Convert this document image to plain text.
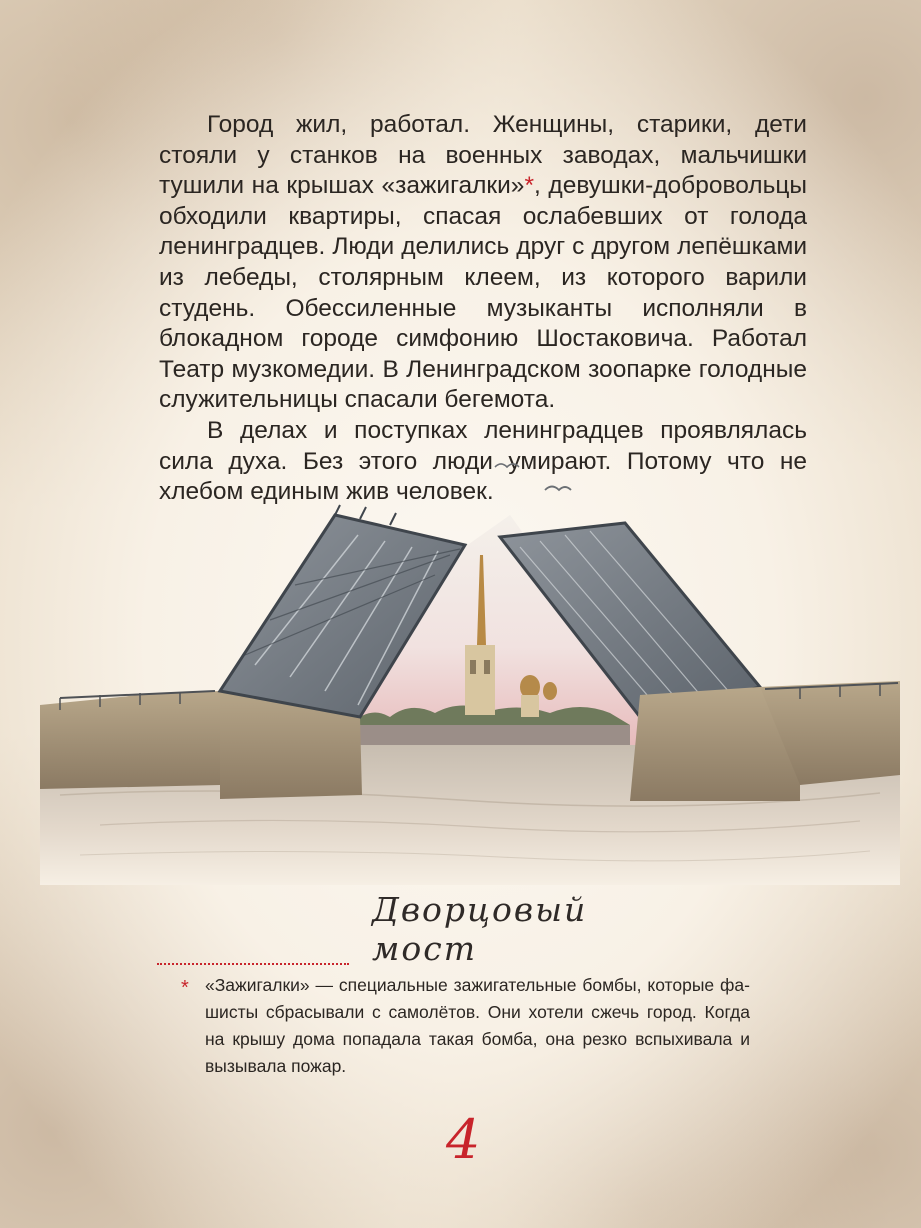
Город жил, работал. Женщины, старики, дети стояли у станков на военных заводах, мальчишки тушили на крышах «зажигалки»*, девушки-добровольцы обходили квартиры, спасая ослабевших от голода ленинградцев. Люди делились друг с другом лепёшками из лебеды, столярным клеем, из которого варили студень. Обессиленные музыканты исполняли в блокадном городе симфонию Шостаковича. Работал Театр музкомедии. В Ленинградском зоопарке голодные служительницы спасали бегемота.

В делах и поступках ленинградцев проявлялась сила духа. Без этого люди умирают. Потому что не хлебом единым жив человек.

Дворцовый мост
* «Зажигалки» — специальные зажигательные бомбы, которые фашисты сбрасывали с самолётов. Они хотели сжечь город. Когда на крышу дома попадала такая бомба, она резко вспыхивала и вызывала пожар.

4
